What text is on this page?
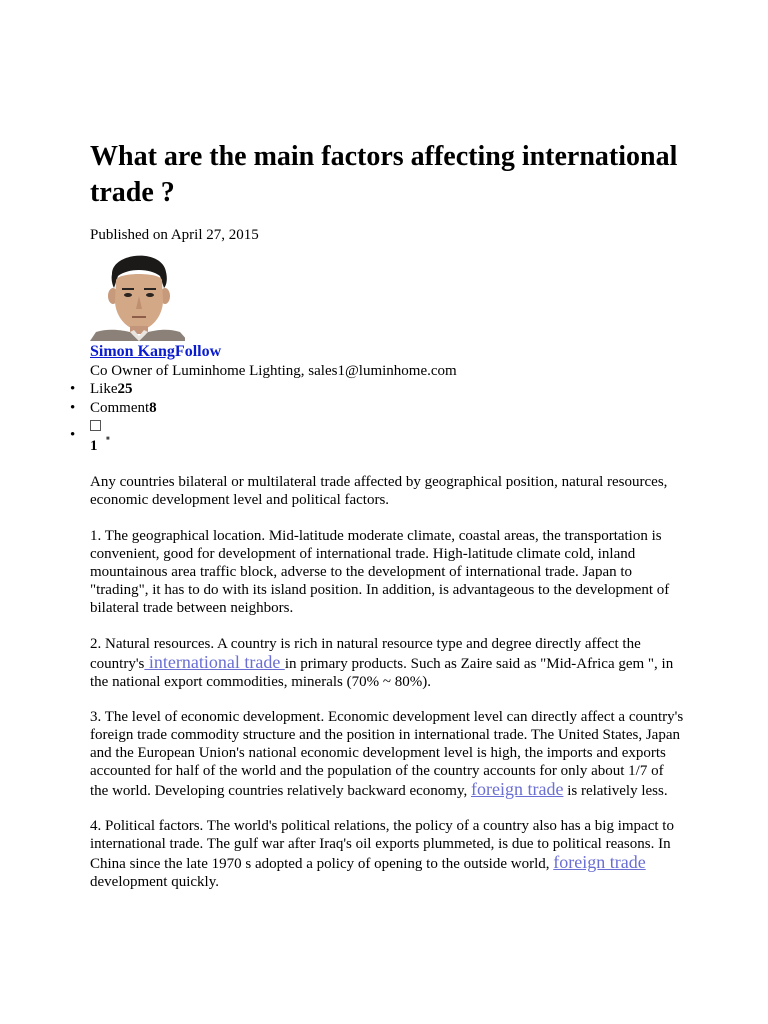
What are the main factors affecting international trade ?
Published on April 27, 2015
Simon KangFollow
Co Owner of Luminhome Lighting, sales1@luminhome.com
• Like25
• Comment8
•	■
1

Any countries bilateral or multilateral trade affected by geographical position, natural resources, economic development level and political factors.

1. The geographical location. Mid-latitude moderate climate, coastal areas, the transportation is convenient, good for development of international trade. High-latitude climate cold, inland mountainous area traffic block, adverse to the development of international trade. Japan to "trading", it has to do with its island position. In addition, is advantageous to the development of bilateral trade between neighbors.

2. Natural resources. A country is rich in natural resource type and degree directly affect the country's international trade in primary products. Such as Zaire said as "Mid-Africa gem ", in the national export commodities, minerals (70% ~ 80%).

3. The level of economic development. Economic development level can directly affect a country's foreign trade commodity structure and the position in international trade. The United States, Japan and the European Union's national economic development level is high, the imports and exports accounted for half of the world and the population of the country accounts for only about 1/7 of the world. Developing countries relatively backward economy, foreign trade is relatively less.

4. Political factors. The world's political relations, the policy of a country also has a big impact to international trade. The gulf war after Iraq's oil exports plummeted, is due to political reasons. In China since the late 1970 s adopted a policy of opening to the outside world, foreign trade development quickly.
